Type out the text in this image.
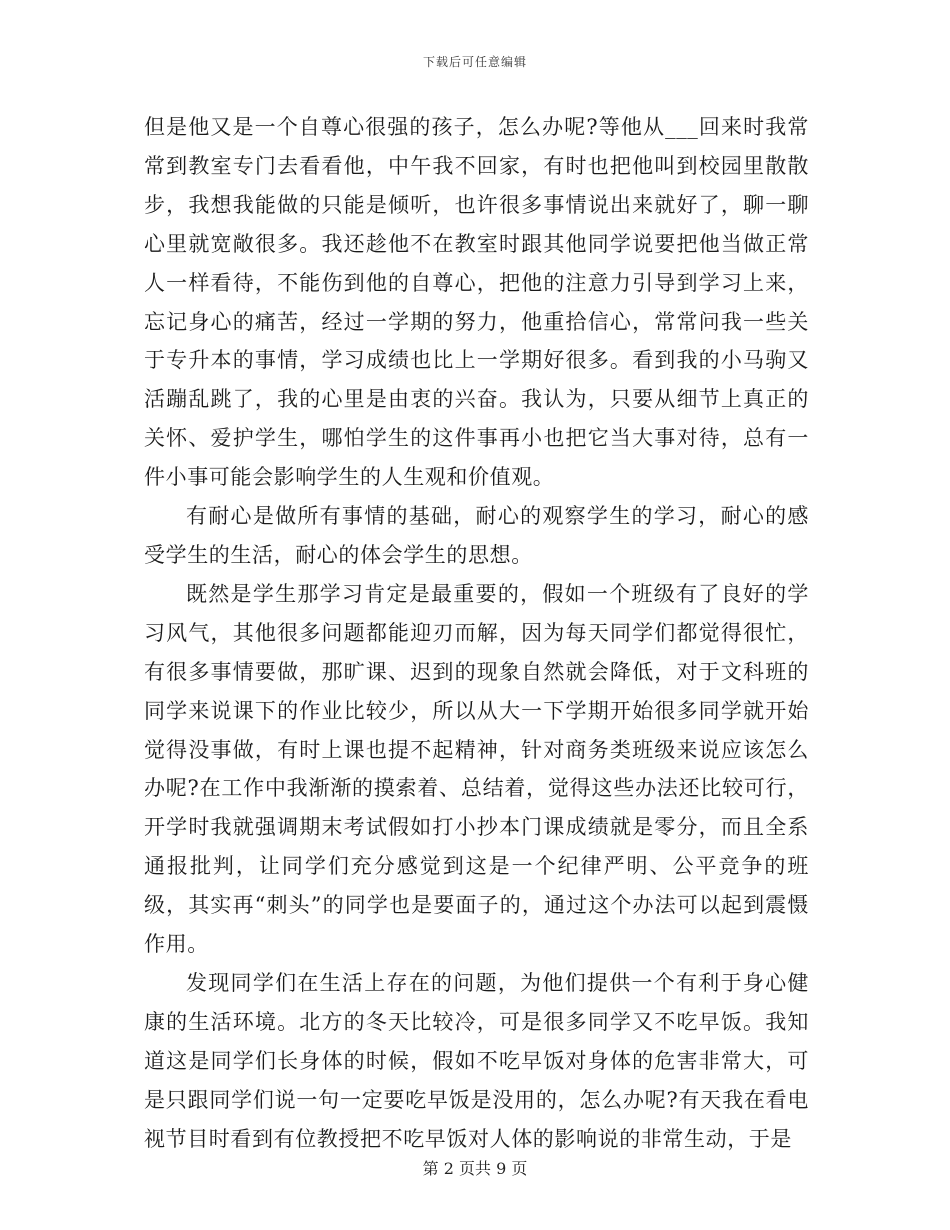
下载后可任意编辑

但是他又是一个自尊心很强的孩子，怎么办呢?等他从___回来时我常常到教室专门去看看他，中午我不回家，有时也把他叫到校园里散散步，我想我能做的只能是倾听，也许很多事情说出来就好了，聊一聊心里就宽敞很多。我还趁他不在教室时跟其他同学说要把他当做正常人一样看待，不能伤到他的自尊心，把他的注意力引导到学习上来，忘记身心的痛苦，经过一学期的努力，他重拾信心，常常问我一些关于专升本的事情，学习成绩也比上一学期好很多。看到我的小马驹又活蹦乱跳了，我的心里是由衷的兴奋。我认为，只要从细节上真正的关怀、爱护学生，哪怕学生的这件事再小也把它当大事对待，总有一件小事可能会影响学生的人生观和价值观。

有耐心是做所有事情的基础，耐心的观察学生的学习，耐心的感受学生的生活，耐心的体会学生的思想。

既然是学生那学习肯定是最重要的，假如一个班级有了良好的学习风气，其他很多问题都能迎刃而解，因为每天同学们都觉得很忙，有很多事情要做，那旷课、迟到的现象自然就会降低，对于文科班的同学来说课下的作业比较少，所以从大一下学期开始很多同学就开始觉得没事做，有时上课也提不起精神，针对商务类班级来说应该怎么办呢?在工作中我渐渐的摸索着、总结着，觉得这些办法还比较可行，开学时我就强调期末考试假如打小抄本门课成绩就是零分，而且全系通报批判，让同学们充分感觉到这是一个纪律严明、公平竞争的班级，其实再“刺头”的同学也是要面子的，通过这个办法可以起到震慑作用。

发现同学们在生活上存在的问题，为他们提供一个有利于身心健康的生活环境。北方的冬天比较冷，可是很多同学又不吃早饭。我知道这是同学们长身体的时候，假如不吃早饭对身体的危害非常大，可是只跟同学们说一句一定要吃早饭是没用的，怎么办呢?有天我在看电视节目时看到有位教授把不吃早饭对人体的影响说的非常生动，于是

第 2 页共 9 页
